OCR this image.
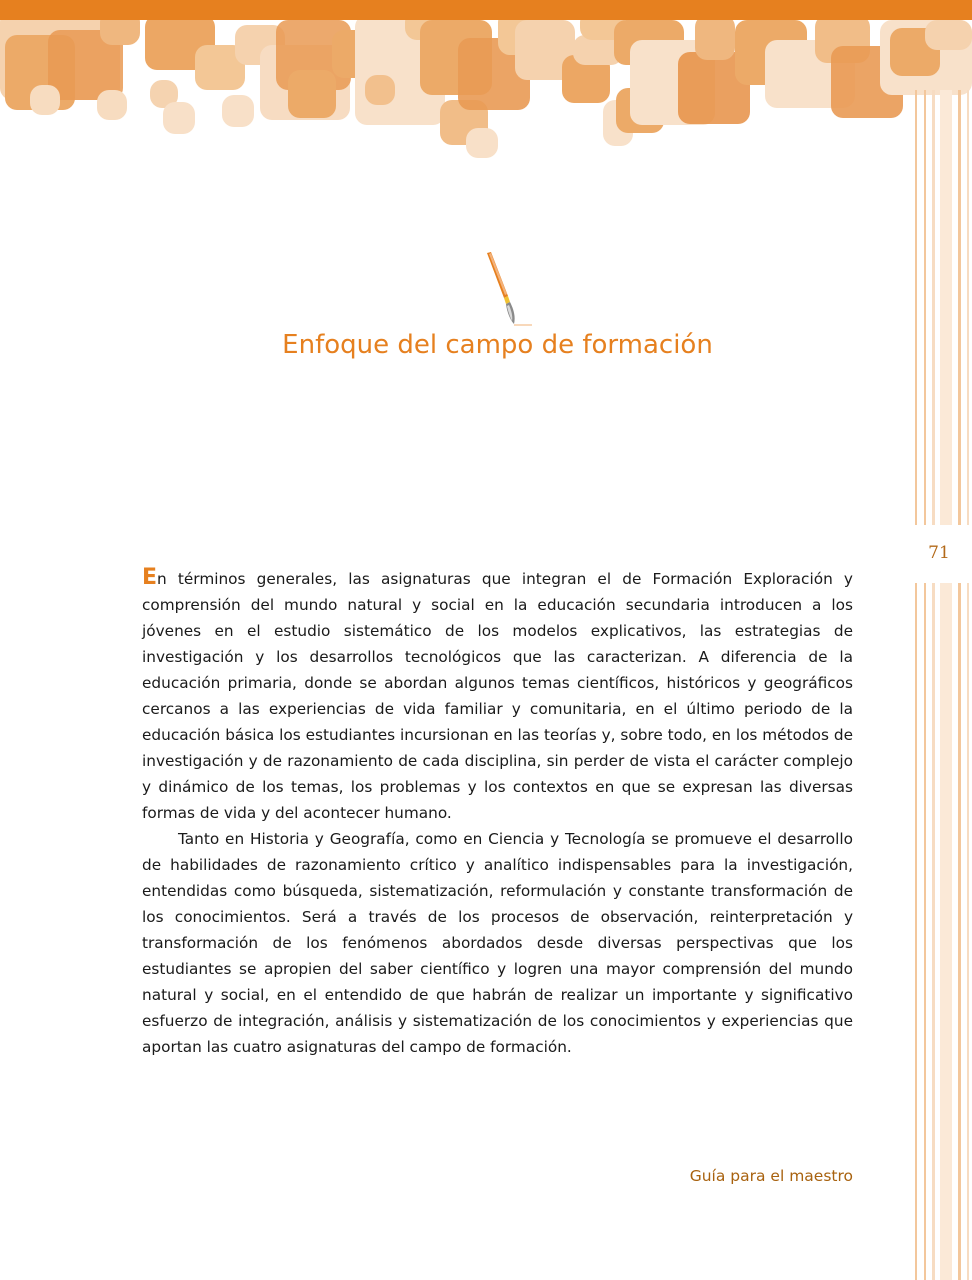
71
Enfoque del campo de formación

En términos generales, las asignaturas que integran el de Formación Exploración y comprensión del mundo natural y social en la educación secundaria introducen a los jóvenes en el estudio sistemático de los modelos explicativos, las estrategias de investigación y los desarrollos tecnológicos que las caracterizan. A diferencia de la educación primaria, donde se abordan algunos temas científicos, históricos y geográficos cercanos a las experiencias de vida familiar y comunitaria, en el último periodo de la educación básica los estudiantes incursionan en las teorías y, sobre todo, en los métodos de investigación y de razonamiento de cada disciplina, sin perder de vista el carácter complejo y dinámico de los temas, los problemas y los contextos en que se expresan las diversas formas de vida y del acontecer humano.

Tanto en Historia y Geografía, como en Ciencia y Tecnología se promueve el desarrollo de habilidades de razonamiento crítico y analítico indispensables para la investigación, entendidas como búsqueda, sistematización, reformulación y constante transformación de los conocimientos. Será a través de los procesos de observación, reinterpretación y transformación de los fenómenos abordados desde diversas perspectivas que los estudiantes se apropien del saber científico y logren una mayor comprensión del mundo natural y social, en el entendido de que habrán de realizar un importante y significativo esfuerzo de integración, análisis y sistematización de los conocimientos y experiencias que aportan las cuatro asignaturas del campo de formación.

Guía para el maestro
